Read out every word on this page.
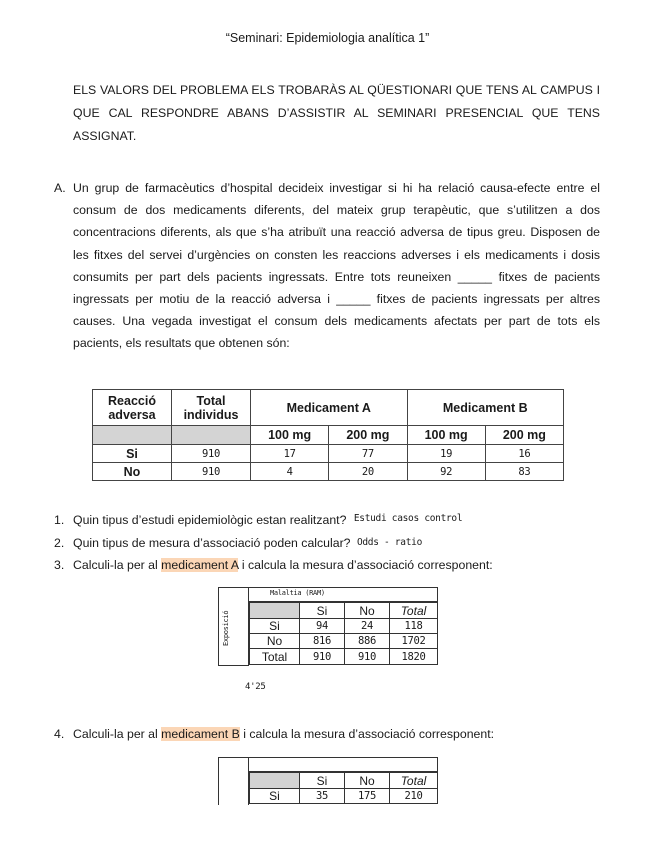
“Seminari: Epidemiologia analítica 1”
ELS VALORS DEL PROBLEMA ELS TROBARÀS AL QÜESTIONARI QUE TENS AL CAMPUS I QUE CAL RESPONDRE ABANS D’ASSISTIR AL SEMINARI PRESENCIAL QUE TENS ASSIGNAT.
A. Un grup de farmacèutics d’hospital decideix investigar si hi ha relació causa-efecte entre el consum de dos medicaments diferents, del mateix grup terapèutic, que s’utilitzen a dos concentracions diferents, als que s’ha atribuït una reacció adversa de tipus greu. Disposen de les fitxes del servei d’urgències on consten les reaccions adverses i els medicaments i dosis consumits per part dels pacients ingressats. Entre tots reuneixen _____ fitxes de pacients ingressats per motiu de la reacció adversa i _____ fitxes de pacients ingressats per altres causes. Una vegada investigat el consum dels medicaments afectats per part de tots els pacients, els resultats que obtenen són:
Reacció adversa	Total individus	Medicament A		Medicament B	
		100 mg	200 mg	100 mg	200 mg
Si	910	17	77	19	16
No	910	4	20	92	83
1. Quin tipus d’estudi epidemiològic estan realitzant? $^{Estudi casos control}$
2. Quin tipus de mesura d’associació poden calcular? Odds - ratio
3. Calculi-la per al medicament A i calcula la mesura d’associació corresponent:
Exposició
Malaltia (RAM)
	Si	No	Total
Si	94	24	118
No	816	886	1702
Total	910	910	1820
4'25
4. Calculi-la per al medicament B i calcula la mesura d’associació corresponent:
	Si	No	Total
Si	35	175	210
